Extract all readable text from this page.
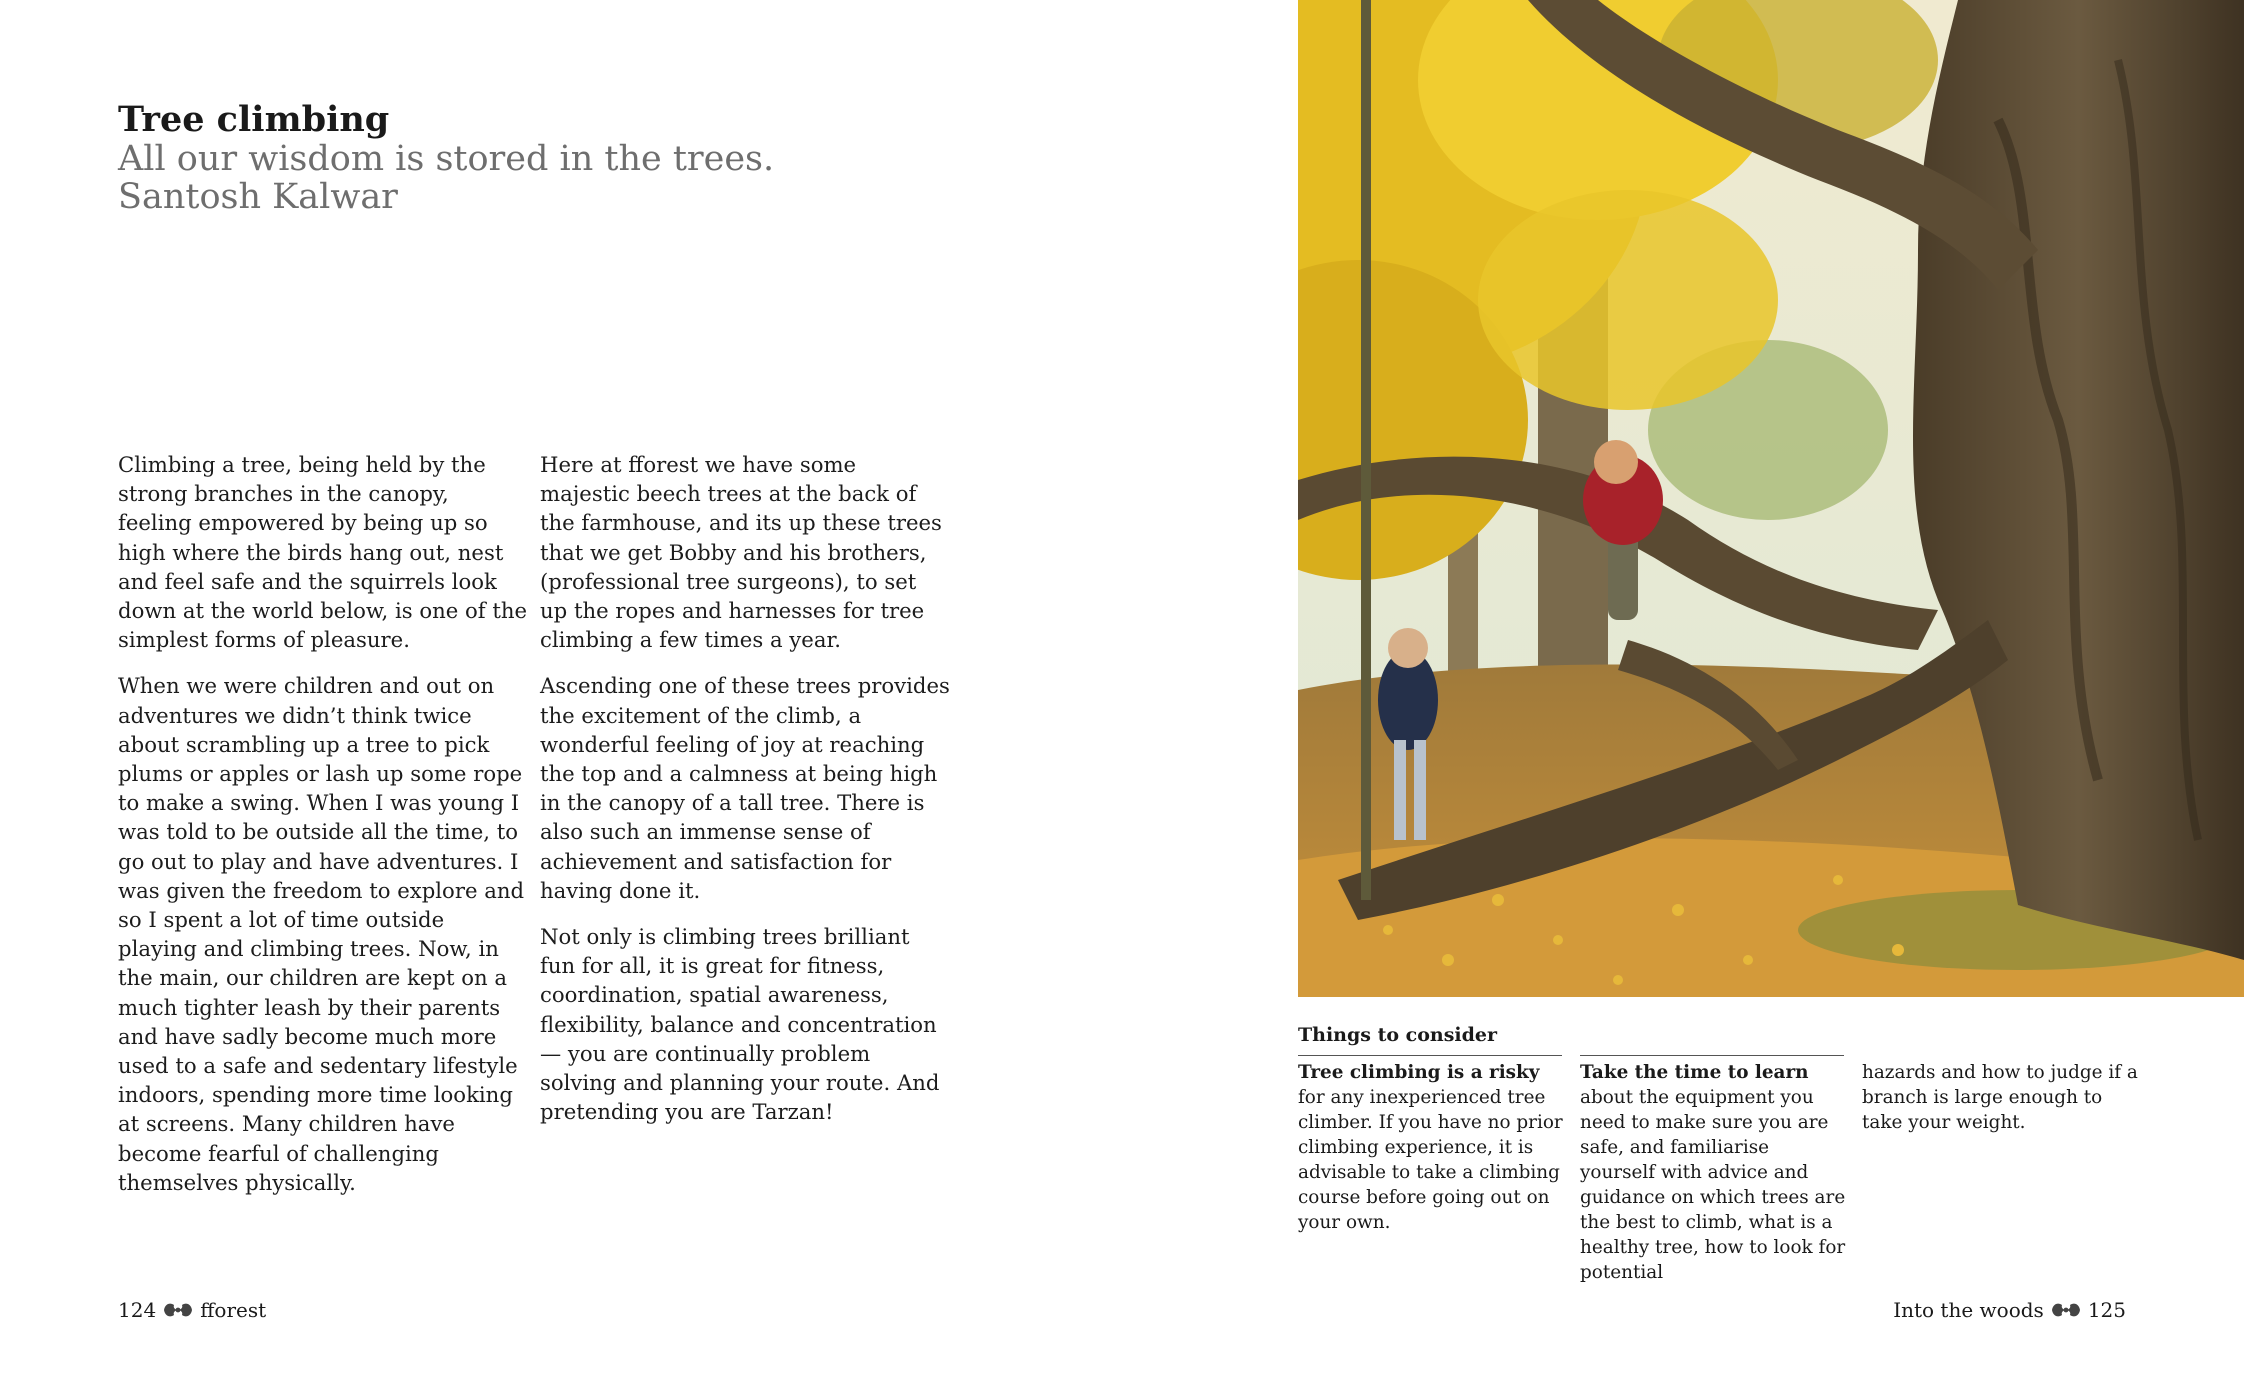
Tree climbing

All our wisdom is stored in the trees.

Santosh Kalwar

Climbing a tree, being held by the strong branches in the canopy, feeling empowered by being up so high where the birds hang out, nest and feel safe and the squirrels look down at the world below, is one of the simplest forms of pleasure.

When we were children and out on adventures we didn’t think twice about scrambling up a tree to pick plums or apples or lash up some rope to make a swing. When I was young I was told to be outside all the time, to go out to play and have adventures. I was given the freedom to explore and so I spent a lot of time outside playing and climbing trees. Now, in the main, our children are kept on a much tighter leash by their parents and have sadly become much more used to a safe and sedentary lifestyle indoors, spending more time looking at screens. Many children have become fearful of challenging themselves physically.

Here at fforest we have some majestic beech trees at the back of the farmhouse, and its up these trees that we get Bobby and his brothers, (professional tree surgeons), to set up the ropes and harnesses for tree climbing a few times a year.

Ascending one of these trees provides the excitement of the climb, a wonderful feeling of joy at reaching the top and a calmness at being high in the canopy of a tall tree. There is also such an immense sense of achievement and satisfaction for having done it.

Not only is climbing trees brilliant fun for all, it is great for fitness, coordination, spatial awareness, flexibility, balance and concentration — you are continually problem solving and planning your route. And pretending you are Tarzan!

124 fforest
Things to consider
Tree climbing is a risky for any inexperienced tree climber. If you have no prior climbing experience, it is advisable to take a climbing course before going out on your own.
Take the time to learn about the equipment you need to make sure you are safe, and familiarise yourself with advice and guidance on which trees are the best to climb, what is a healthy tree, how to look for potential
hazards and how to judge if a branch is large enough to take your weight.
Into the woods 125
